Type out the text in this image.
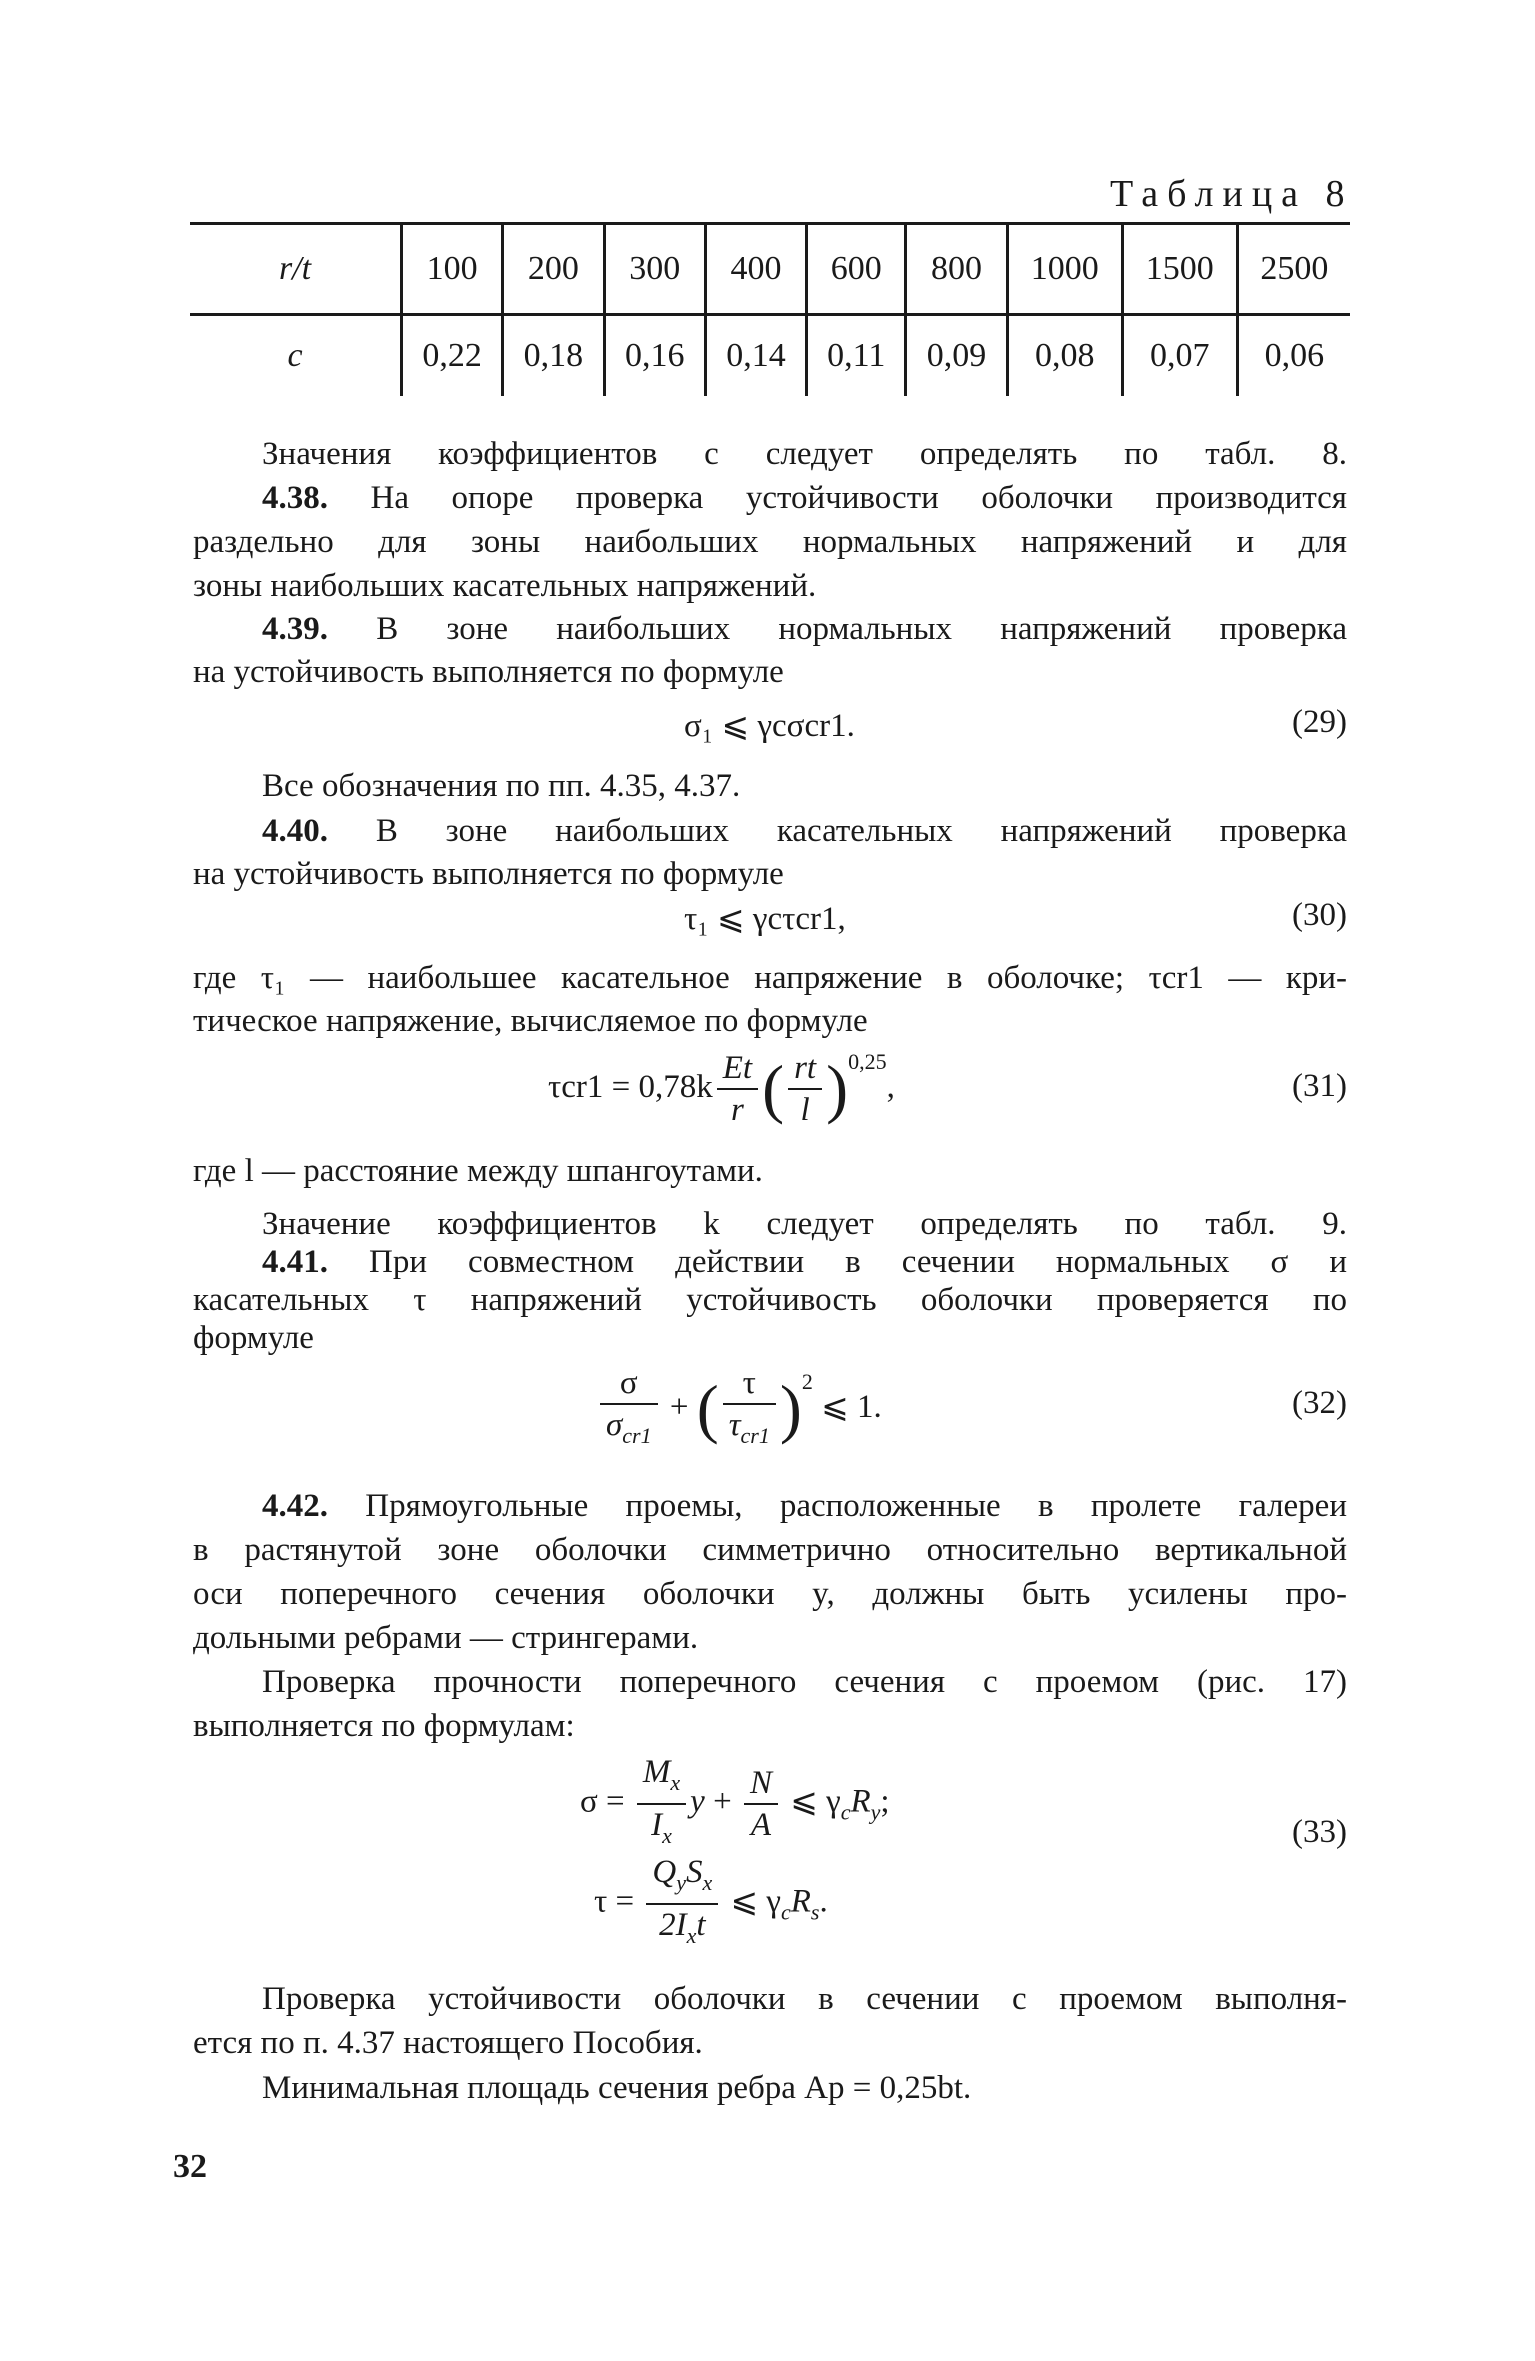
Таблица 8
r/t	100	200	300	400	600	800	1000	1500	2500
c	0,22	0,18	0,16	0,14	0,11	0,09	0,08	0,07	0,06
Значения коэффициентов c следует определять по табл. 8.
4.38. На опоре проверка устойчивости оболочки производится
раздельно для зоны наибольших нормальных напряжений и для
зоны наибольших касательных напряжений.
4.39. В зоне наибольших нормальных напряжений проверка
на устойчивость выполняется по формуле
σ₁ ⩽ γcσcr1.	(29)
Все обозначения по пп. 4.35, 4.37.
4.40. В зоне наибольших касательных напряжений проверка
на устойчивость выполняется по формуле
τ₁ ⩽ γcτcr1,	(30)
где τ₁ — наибольшее касательное напряжение в оболочке; τcr1 — кри-
тическое напряжение, вычисляемое по формуле
$\tau cr1 = 0,78k \frac{Et}{r}$ ( $\frac{rt}{l} )^{0,25}$,	(31)
где l — расстояние между шпангоутами.
Значение коэффициентов k следует определять по табл. 9.
4.41. При совместном действии в сечении нормальных σ и
касательных τ напряжений устойчивость оболочки проверяется по
формуле
$\frac{\sigma}{\sigma_{cr1}}$ + ( $\frac{\tau}{\tau_{cr1}} )^2$ ⩽ 1.	(32)
4.42. Прямоугольные проемы, расположенные в пролете галереи
в растянутой зоне оболочки симметрично относительно вертикальной
оси поперечного сечения оболочки y, должны быть усилены про-
дольными ребрами — стрингерами.
Проверка прочности поперечного сечения с проемом (рис. 17)
выполняется по формулам:
$\sigma = \frac{M_x}{I_x}$ $y + \frac{N}{A}$ ⩽ $\gamma_cR_y$;
$\tau = \frac{Q_yS_x}{2I_xt}$ ⩽ $\gamma_cR_s$.
(33)
Проверка устойчивости оболочки в сечении с проемом выполня-
ется по п. 4.37 настоящего Пособия.
Минимальная площадь сечения ребра Ap = 0,25bt.
32
